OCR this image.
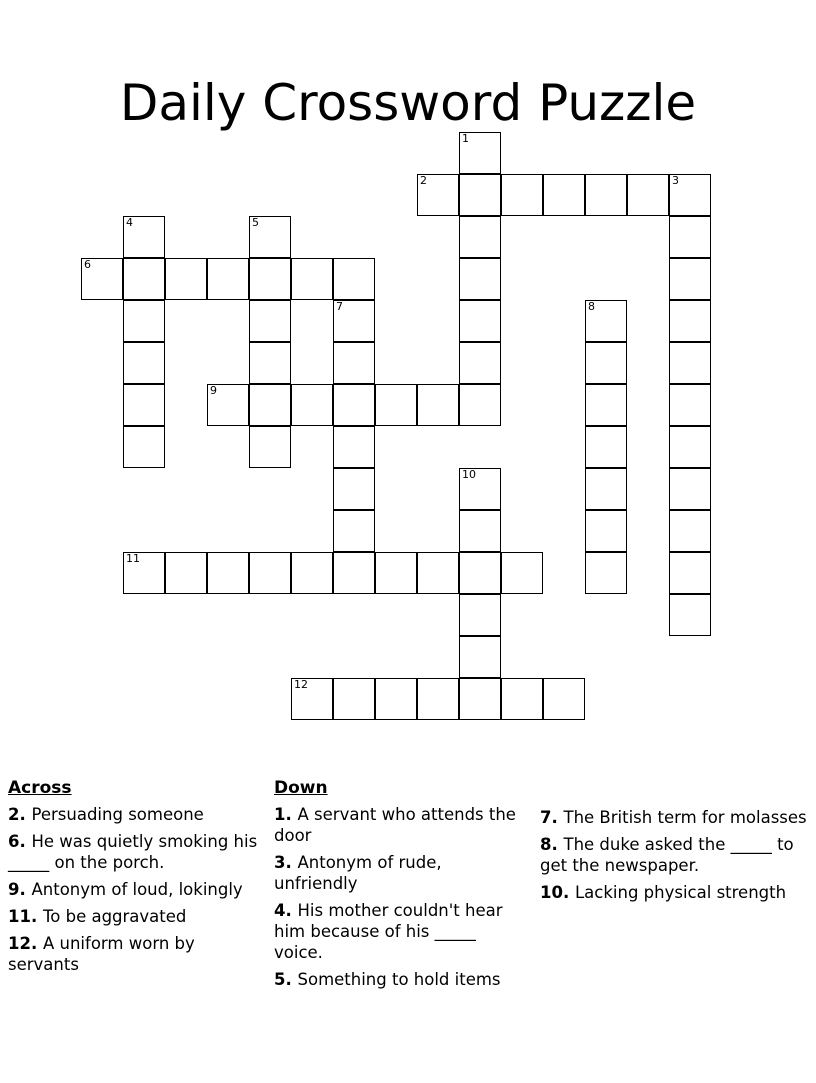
Daily Crossword Puzzle
1
2	3
4	5
6
7	8
9
10
11
12
Across
2. Persuading someone
6. He was quietly smoking his _____ on the porch.
9. Antonym of loud, lokingly
11. To be aggravated
12. A uniform worn by servants
Down
1. A servant who attends the door
3. Antonym of rude, unfriendly
4. His mother couldn't hear him because of his _____ voice.
5. Something to hold items
7. The British term for molasses
8. The duke asked the _____ to get the newspaper.
10. Lacking physical strength
